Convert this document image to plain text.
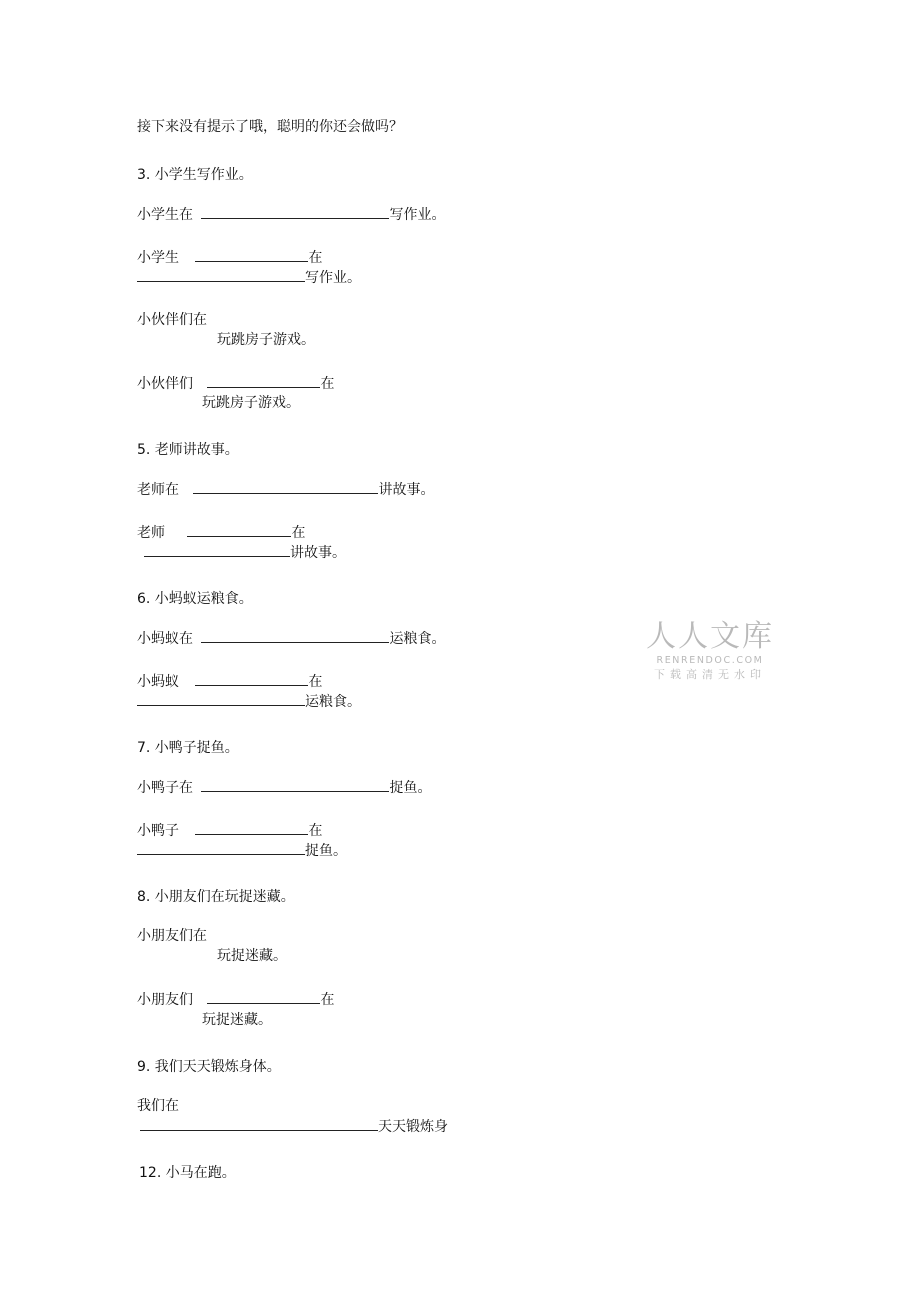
接下来没有提示了哦，聪明的你还会做吗？
3. 小学生写作业。
小学生在	写作业。
小学生	在
写作业。
小伙伴们在
玩跳房子游戏。
小伙伴们	在
玩跳房子游戏。
5. 老师讲故事。
老师在	讲故事。
老师	在
讲故事。
6. 小蚂蚁运粮食。
小蚂蚁在	运粮食。
小蚂蚁	在
运粮食。
7. 小鸭子捉鱼。
小鸭子在	捉鱼。
小鸭子	在
捉鱼。
8. 小朋友们在玩捉迷藏。
小朋友们在
玩捉迷藏。
小朋友们	在
玩捉迷藏。
9. 我们天天锻炼身体。
我们在
天天锻炼身
12. 小马在跑。
人人文库
RENRENDOC.COM
下载高清无水印
